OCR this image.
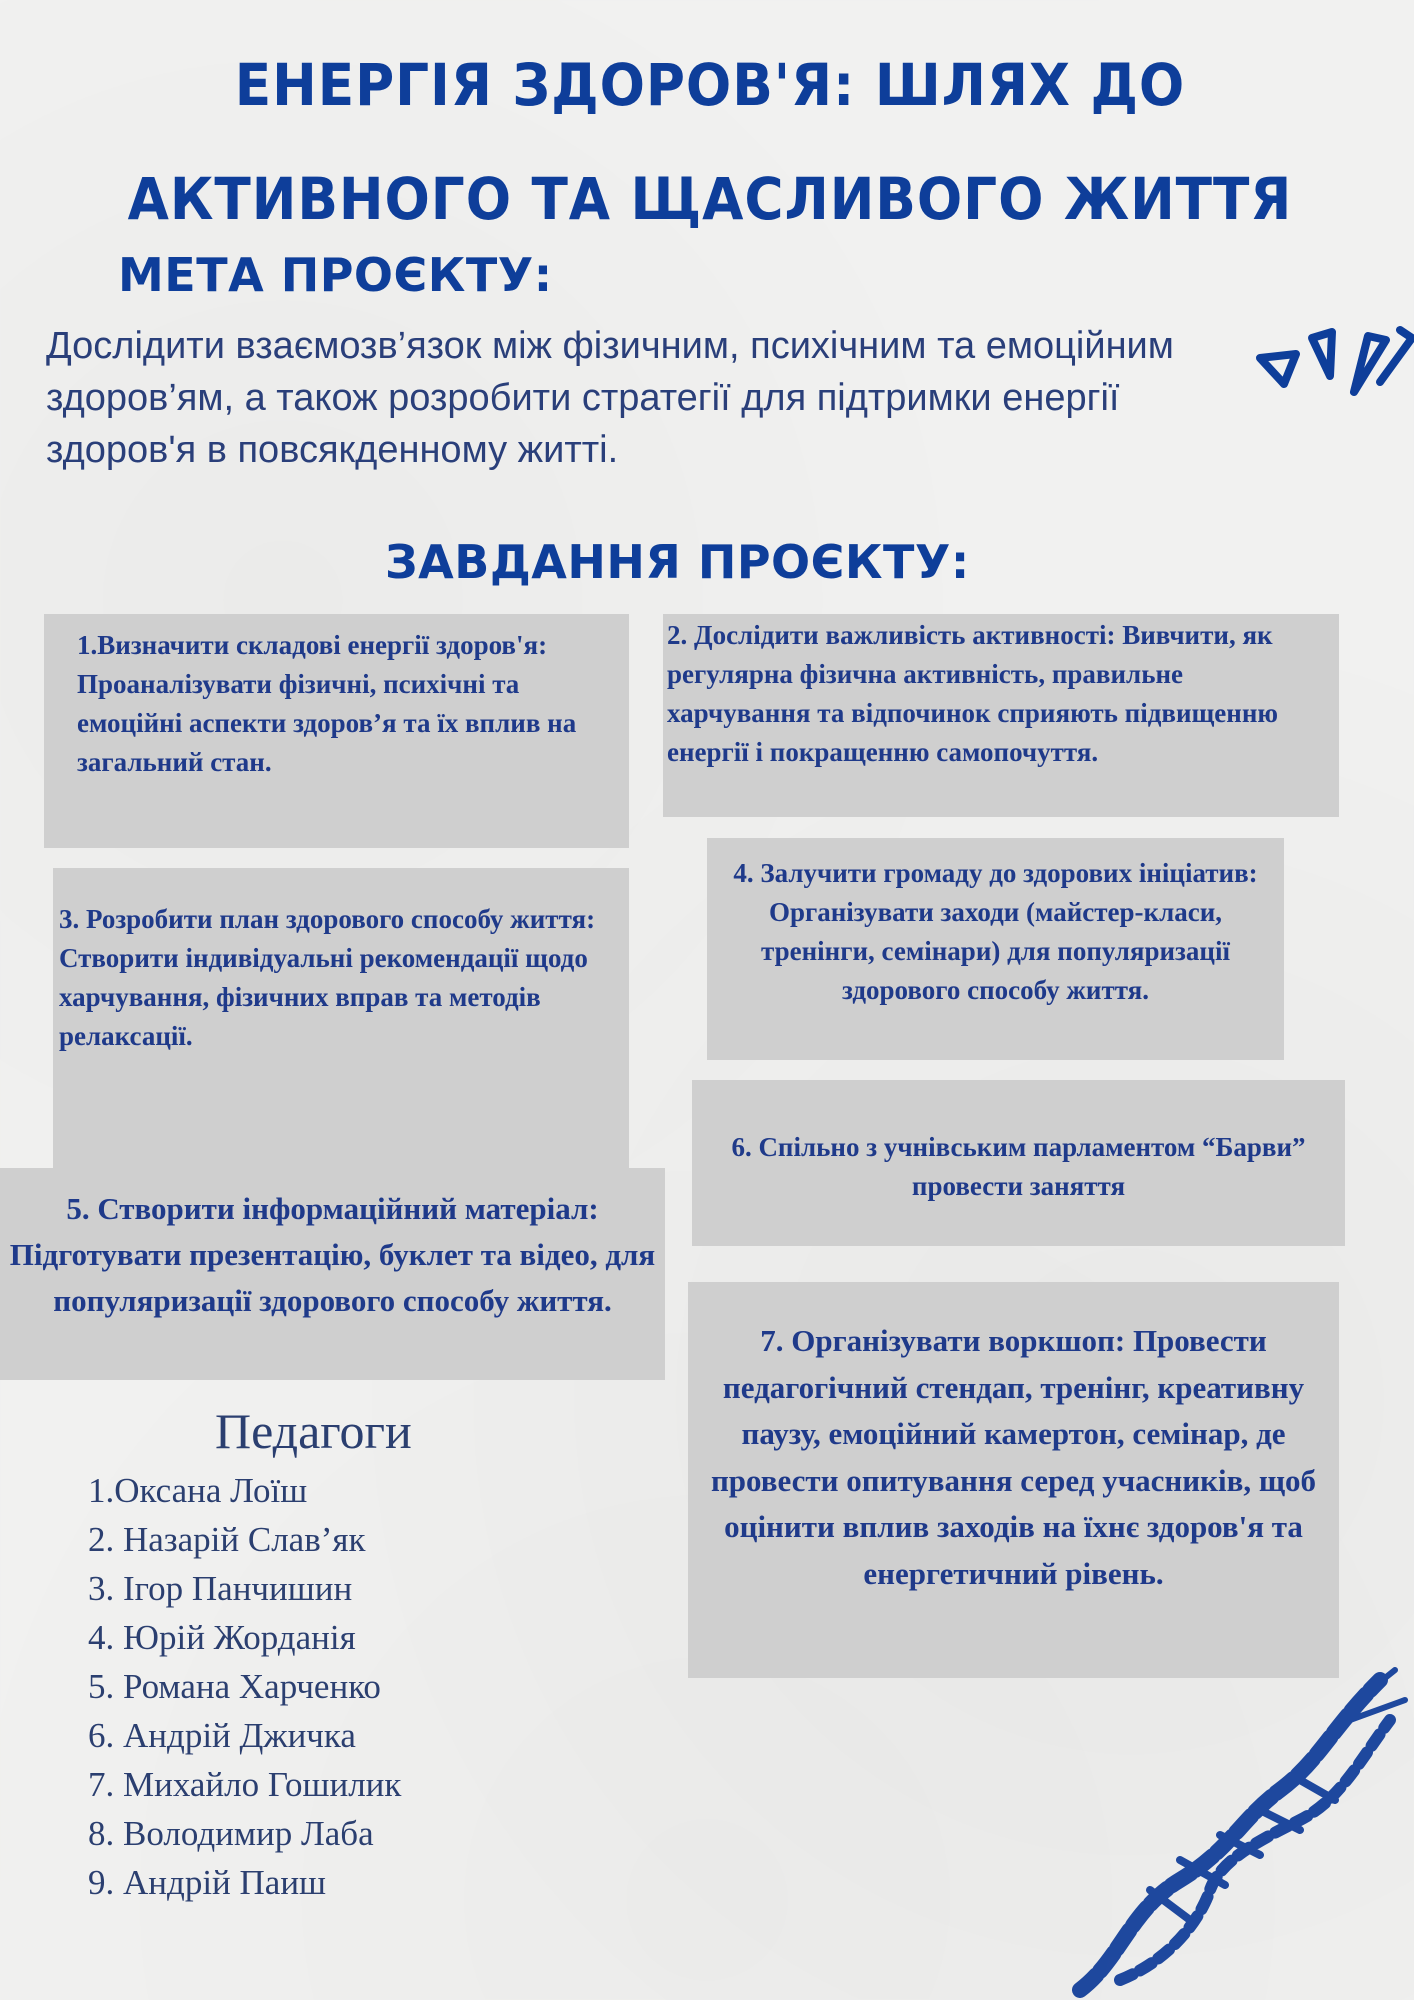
ЕНЕРГІЯ ЗДОРОВ'Я: ШЛЯХ ДО АКТИВНОГО ТА ЩАСЛИВОГО ЖИТТЯ
МЕТА ПРОЄКТУ:
Дослідити взаємозв’язок між фізичним, психічним та емоційним здоров’ям, а також розробити стратегії для підтримки енергії здоров'я в повсякденному житті.
ЗАВДАННЯ ПРОЄКТУ:
1.Визначити складові енергії здоров'я: Проаналізувати фізичні, психічні та емоційні аспекти здоров’я та їх вплив на загальний стан.
2. Дослідити важливість активності: Вивчити, як регулярна фізична активність, правильне харчування та відпочинок сприяють підвищенню енергії і покращенню самопочуття.
3. Розробити план здорового способу життя: Створити індивідуальні рекомендації щодо харчування, фізичних вправ та методів релаксації.
4. Залучити громаду до здорових ініціатив: Організувати заходи (майстер-класи, тренінги, семінари) для популяризації здорового способу життя.
6. Спільно з учнівським парламентом “Барви” провести заняття
5. Створити інформаційний матеріал: Підготувати презентацію, буклет та відео, для популяризації здорового способу життя.
7. Організувати воркшоп: Провести педагогічний стендап, тренінг, креативну паузу, емоційний камертон, семінар, де провести опитування серед учасників, щоб оцінити вплив заходів на їхнє здоров'я та енергетичний рівень.
Педагоги
1.Оксана Лоїш
2. Назарій Слав’як
3. Ігор Панчишин
4. Юрій Жорданія
5. Романа Харченко
6. Андрій Джичка
7. Михайло Гошилик
8. Володимир Лаба
9. Андрій Паиш
